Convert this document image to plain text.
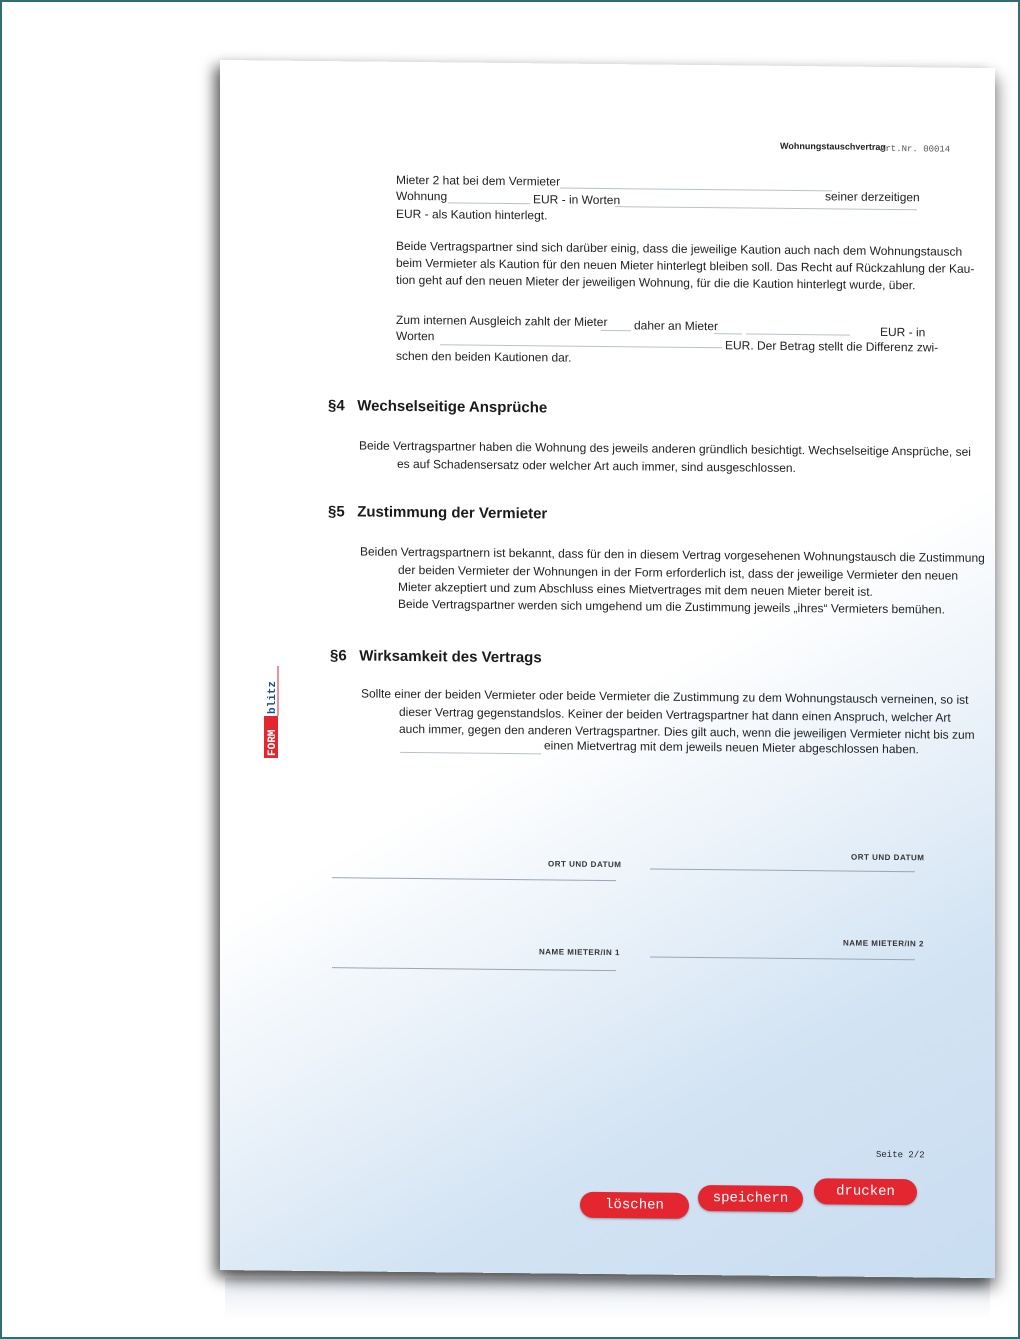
Wohnungstauschvertrag
Art.Nr. 00014
Mieter 2 hat bei dem Vermieter
Wohnung	EUR - in Worten	seiner derzeitigen
EUR - als Kaution hinterlegt.
Beide Vertragspartner sind sich darüber einig, dass die jeweilige Kaution auch nach dem Wohnungstausch
beim Vermieter als Kaution für den neuen Mieter hinterlegt bleiben soll. Das Recht auf Rückzahlung der Kau-
tion geht auf den neuen Mieter der jeweiligen Wohnung, für die die Kaution hinterlegt wurde, über.
Zum internen Ausgleich zahlt der Mieter daher an Mieter	EUR - in
Worten
EUR. Der Betrag stellt die Differenz zwi-
schen den beiden Kautionen dar.
§4 Wechselseitige Ansprüche
Beide Vertragspartner haben die Wohnung des jeweils anderen gründlich besichtigt. Wechselseitige Ansprüche, sei
es auf Schadensersatz oder welcher Art auch immer, sind ausgeschlossen.
§5 Zustimmung der Vermieter
Beiden Vertragspartnern ist bekannt, dass für den in diesem Vertrag vorgesehenen Wohnungstausch die Zustimmung
der beiden Vermieter der Wohnungen in der Form erforderlich ist, dass der jeweilige Vermieter den neuen
Mieter akzeptiert und zum Abschluss eines Mietvertrages mit dem neuen Mieter bereit ist.
Beide Vertragspartner werden sich umgehend um die Zustimmung jeweils „ihres“ Vermieters bemühen.
§6 Wirksamkeit des Vertrags
Sollte einer der beiden Vermieter oder beide Vermieter die Zustimmung zu dem Wohnungstausch verneinen, so ist
dieser Vertrag gegenstandslos. Keiner der beiden Vertragspartner hat dann einen Anspruch, welcher Art
auch immer, gegen den anderen Vertragspartner. Dies gilt auch, wenn die jeweiligen Vermieter nicht bis zum
einen Mietvertrag mit dem jeweils neuen Mieter abgeschlossen haben.
ORT UND DATUM
ORT UND DATUM
NAME MIETER/IN 1
NAME MIETER/IN 2
Seite 2/2
löschen	speichern	drucken
FORM
blitz
